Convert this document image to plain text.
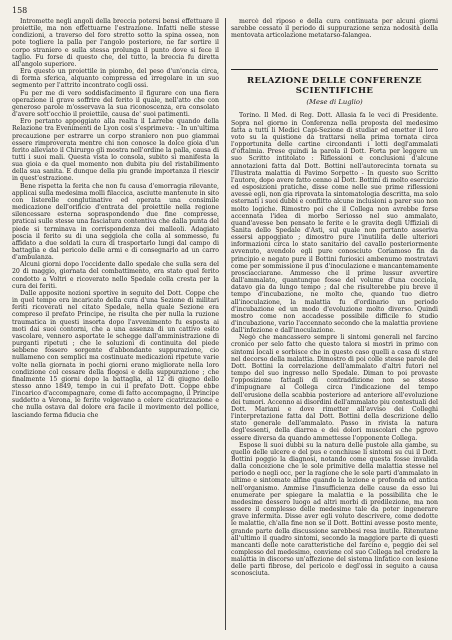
158

Intromette negli angoli della breccia potersi bensi effettuare il proiettile, ma non effettuarne l'estrazione. Infatti nelle stesse condizioni, a traverso del foro stretto sotto la spina ossea, non pote togliere la palla per l'angolo posteriore, ne far sortire il corpo straniero e sulla stessa prolunga il punto dove si fece il taglio. Fu forse di questo che, del tutto, la breccia fu diretta all'angolo superiore.

Era questo un proiettile in piombo, del peso d'un'oncia circa, di forma sferica, alquanto compressa ed irregolare in un suo segmento per l'attrito incontrato cogli ossi.

Fu per me di vero soddisfacimento il figurare con una fiera operazione il grave soffrire del ferito il quale, nell'atto che con generoso parole m'osservava la sua riconoscenza, era consolato d'avere sott'occhio il proiettile, causa de' suoi patimenti.

Ero pertanto appoggiato alla realta il Larrebe quando della Relazione tra Evenimenti de Lyon cosi s'esprimeva: - In un'ultima precauzione per estrarre un corpo straniero non puo giammai essere rimproverata mentre chi non conosce la dolce gioia d'un ferito alleviato il Chirurgo gli mostra nell'ordine la palla, causa di tutti i suoi mali. Questa vista lo consola, subito si manifesta la sua gioia e da quel momento non dubita piu del ristabilimento della sua sanita. E dunque della piu grande importanza il riescir in quest'estrazione.

Bene rispetta la ferita che non fu causa d'emorragia rilevante, applicai sulla medesima molli filaccica, asciutte mantenute in sito con listerelle conglutinative ed operata una consimile medicazione dell'orificio d'entrata del proiettile nella regione silencessare esterna sopraspondendo due fine compresse, praticai sulle stesse una fasciatura contentiva che dalla punta del piede si terminava in corrispondenza dei malleoli. Adagiato poscia il ferito su di una seggiola che colla al sommesso, fu affidato a due soldati la cura di trasportarlo lungi dal campo di battaglia e dal pericolo delle armi e di consegnarlo ad un carro d'ambulanza.

Alcuni giorni dopo l'occidente dallo spedale che sulla sera del 20 di maggio, giornata del combattimento, era stato quel ferito condotto a Voltri e ricoverato nello Spedale colla cresta per la cura dei feriti.

Dalle apposite nozioni sportive in seguito del Dott. Coppe che in quel tempo era incaricato della cura d'una Sezione di militari feriti ricoverati nel citato Spedale, nella quale Sezione era compreso il prefato Principe, ne risulta che per nulla la ruzione traumatica in questi insorta dopo l'avvenimento fu esposta ai moti dai suoi contorni, che a una assenza di un cattivo esito vascolare, vennero asportate le schegge dall'amministrazione di purganti ripetuti ; che le soluzioni di continuita del piede sebbene fossero sorgente d'abbondante suppurazione, cio nullameno con semplici ma costinuate medicazioni ripetute varie volte nella giornata in pochi giorni erano migliorate nella loro condizione col cessare della flogosi e della suppurazione ; che finalmente 15 giorni dopo la battaglia, al 12 di giugno dello stesso anno 1849, tempo in cui il prefato Dott. Coppe ebbe l'incarico d'accompagnare, come di fatto accompagno, il Principe suddetto a Verona, le ferite volgevano a celere cicatrizzazione e che nulla ostava dal dolore era facile il movimento del pollice, lasciando ferma fiducia che

mercè del riposo e della cura continuata per alcuni giorni sarebbe cessato il periodo di suppurazione senza nodosità della mentovata articolazione metatarso-falangea.

RELAZIONE DELLE CONFERENZE SCIENTIFICHE
(Mese di Luglio)

Torino. Il Med. di Reg. Dott. Allasia fa le veci di Presidente. Sopra nel giorno in Conferenza nella proposta del medesimo fatta a tutti li Medici Capi-Sezione di studiar ed emetter il loro voto su la quistione da trattarsi nella prima tornata circa l'opportunita delle cartine circondanti i lotti degl'ammalati d'oftalmia. Prese quindi la parola il Dott. Forta per leggere un suo Scritto intitolato : Riflessioni e conclusioni d'alcune annotazioni fatta dal Dott. Bottini nell'autorecinta tornata su l'Ilustrata malattia di Pavimo Sorpetto - In questo suo Scritto l'autore, dopo avere fatto cenno al Dott. Bottini di molto esercizio ed esposizioni pratiche, disse come nelle sue prime riflessioni avesse egli, non gia riprovata la sintomatologia descritta, ma solo esternati i suoi dubbi e conflitto alcune inclusioni a parer suo non molto logiche. Rimostro poi che il Collega non avrebbe forse accennata l'idea di morbo Seriosso nel suo ammalato, quand'avesse ben pensato le ferite e le gravita degli Uffiziali di Sanita dello Spedale d'Asti, sul quale non pertanto asseriva essersi appoggiato ; dimostro pure l'inutilita delle ulteriori informazioni circa lo stato sanitario del cavallo posteriormente avvenuto, avendolo egli pure conosciuto Coriamoso fin da principio e negato pure il Bottini furiosici ambenumo mostratavi come per sommissione il pus d'inoculazione e mancantemamente prosciacciarane. Ammesso che il prime lussur avvertire dall'ammalato, quantunque fosse del volume d'una cocciola, datavo gia da lungo tempo ; dal che risulterebbe piu breve il tempo d'incubazione, ne molto che, quando tuo dietro all'inoculazione, la malattia fu d'ordinario un periodo d'incubazione ed un modo d'evoluzione molto diverso. Quindi mostro come non accadesse possibile difficile fo studio d'incubazione, vario l'accennato secondo che la malattia proviene dall'infezione e dall'inoculazione.

Negò che mancassero sempre li sintomi generali nel farcino cronico per selo fatto che questo talora si mostri in primo con sintomi locali e sorbisce che in questo caso quelli a casa di stare nel decorso della malattia. Dimostro di poi colle stesse parole del Dott. Bottini la correlazione dell'ammalato d'altri futori nel tempo del suo ingresso nello Spedale. Diman to poi provaste l'opposizione fattagli di contraddizione non se stesso d'impugnare al Collega circa l'indicazione del tempo dell'erusione della scabbia posteriore ad anteriore all'evoluzione dei tumori. Accenno ai disordini dell'ammalato piu contestuali del Dott. Mariani e dove rimetter all'avviso dei Colleghi l'interpretazione fatta dal Dott. Bottini della descrizione dello stato generale dell'ammalato. Passo in rivista la natura degl'essenti, della diarrea e dei dolori muscolari che pgrovo essere diversa da quando ammettesse l'opponente Collega.

Espose li suoi dubbi su la natura delle pustole alla gambe, su quello delle ulcere e del pus e conchiuse li sintomi su cui il Dott. Bottini poggio la diagnosi, notando come questa fosse invalida dalla concezione che le sole primitive della malattia stesse nel periodo e negli occ, per la ragione che le sole parti d'ammalato in ultime e sintomate alfine quando la lezione e profonda ed antica nell'organismo. Ammise l'insufficienza delle cause da esso lui enumerate per spiegare la malattia e la possibilita che le medesime dessero luogo ad altri morbi di predilezione, ma non essere il complesso delle medesime tale da poter ingenerare grave infermita. Disse aver egli voluto descrivere, come dedotte le malattie, ch'alla fine non se il Dott. Bottini avesse posto mente, grande parte della discussione sarebbesi resa inutile. Ritenutane all'ultimo il quadro sintomi, secondo la maggiore parte di questi mancanti delle note caratteristiche del farcino e, peggio dei sel complesso del medesimo, conviene col suo Collega nel credere la malattia in discorso un'affezione del sistema linfatico con lesione delle parti fibrose, del pericolo e degl'ossi in seguito a causa sconosciuta.
